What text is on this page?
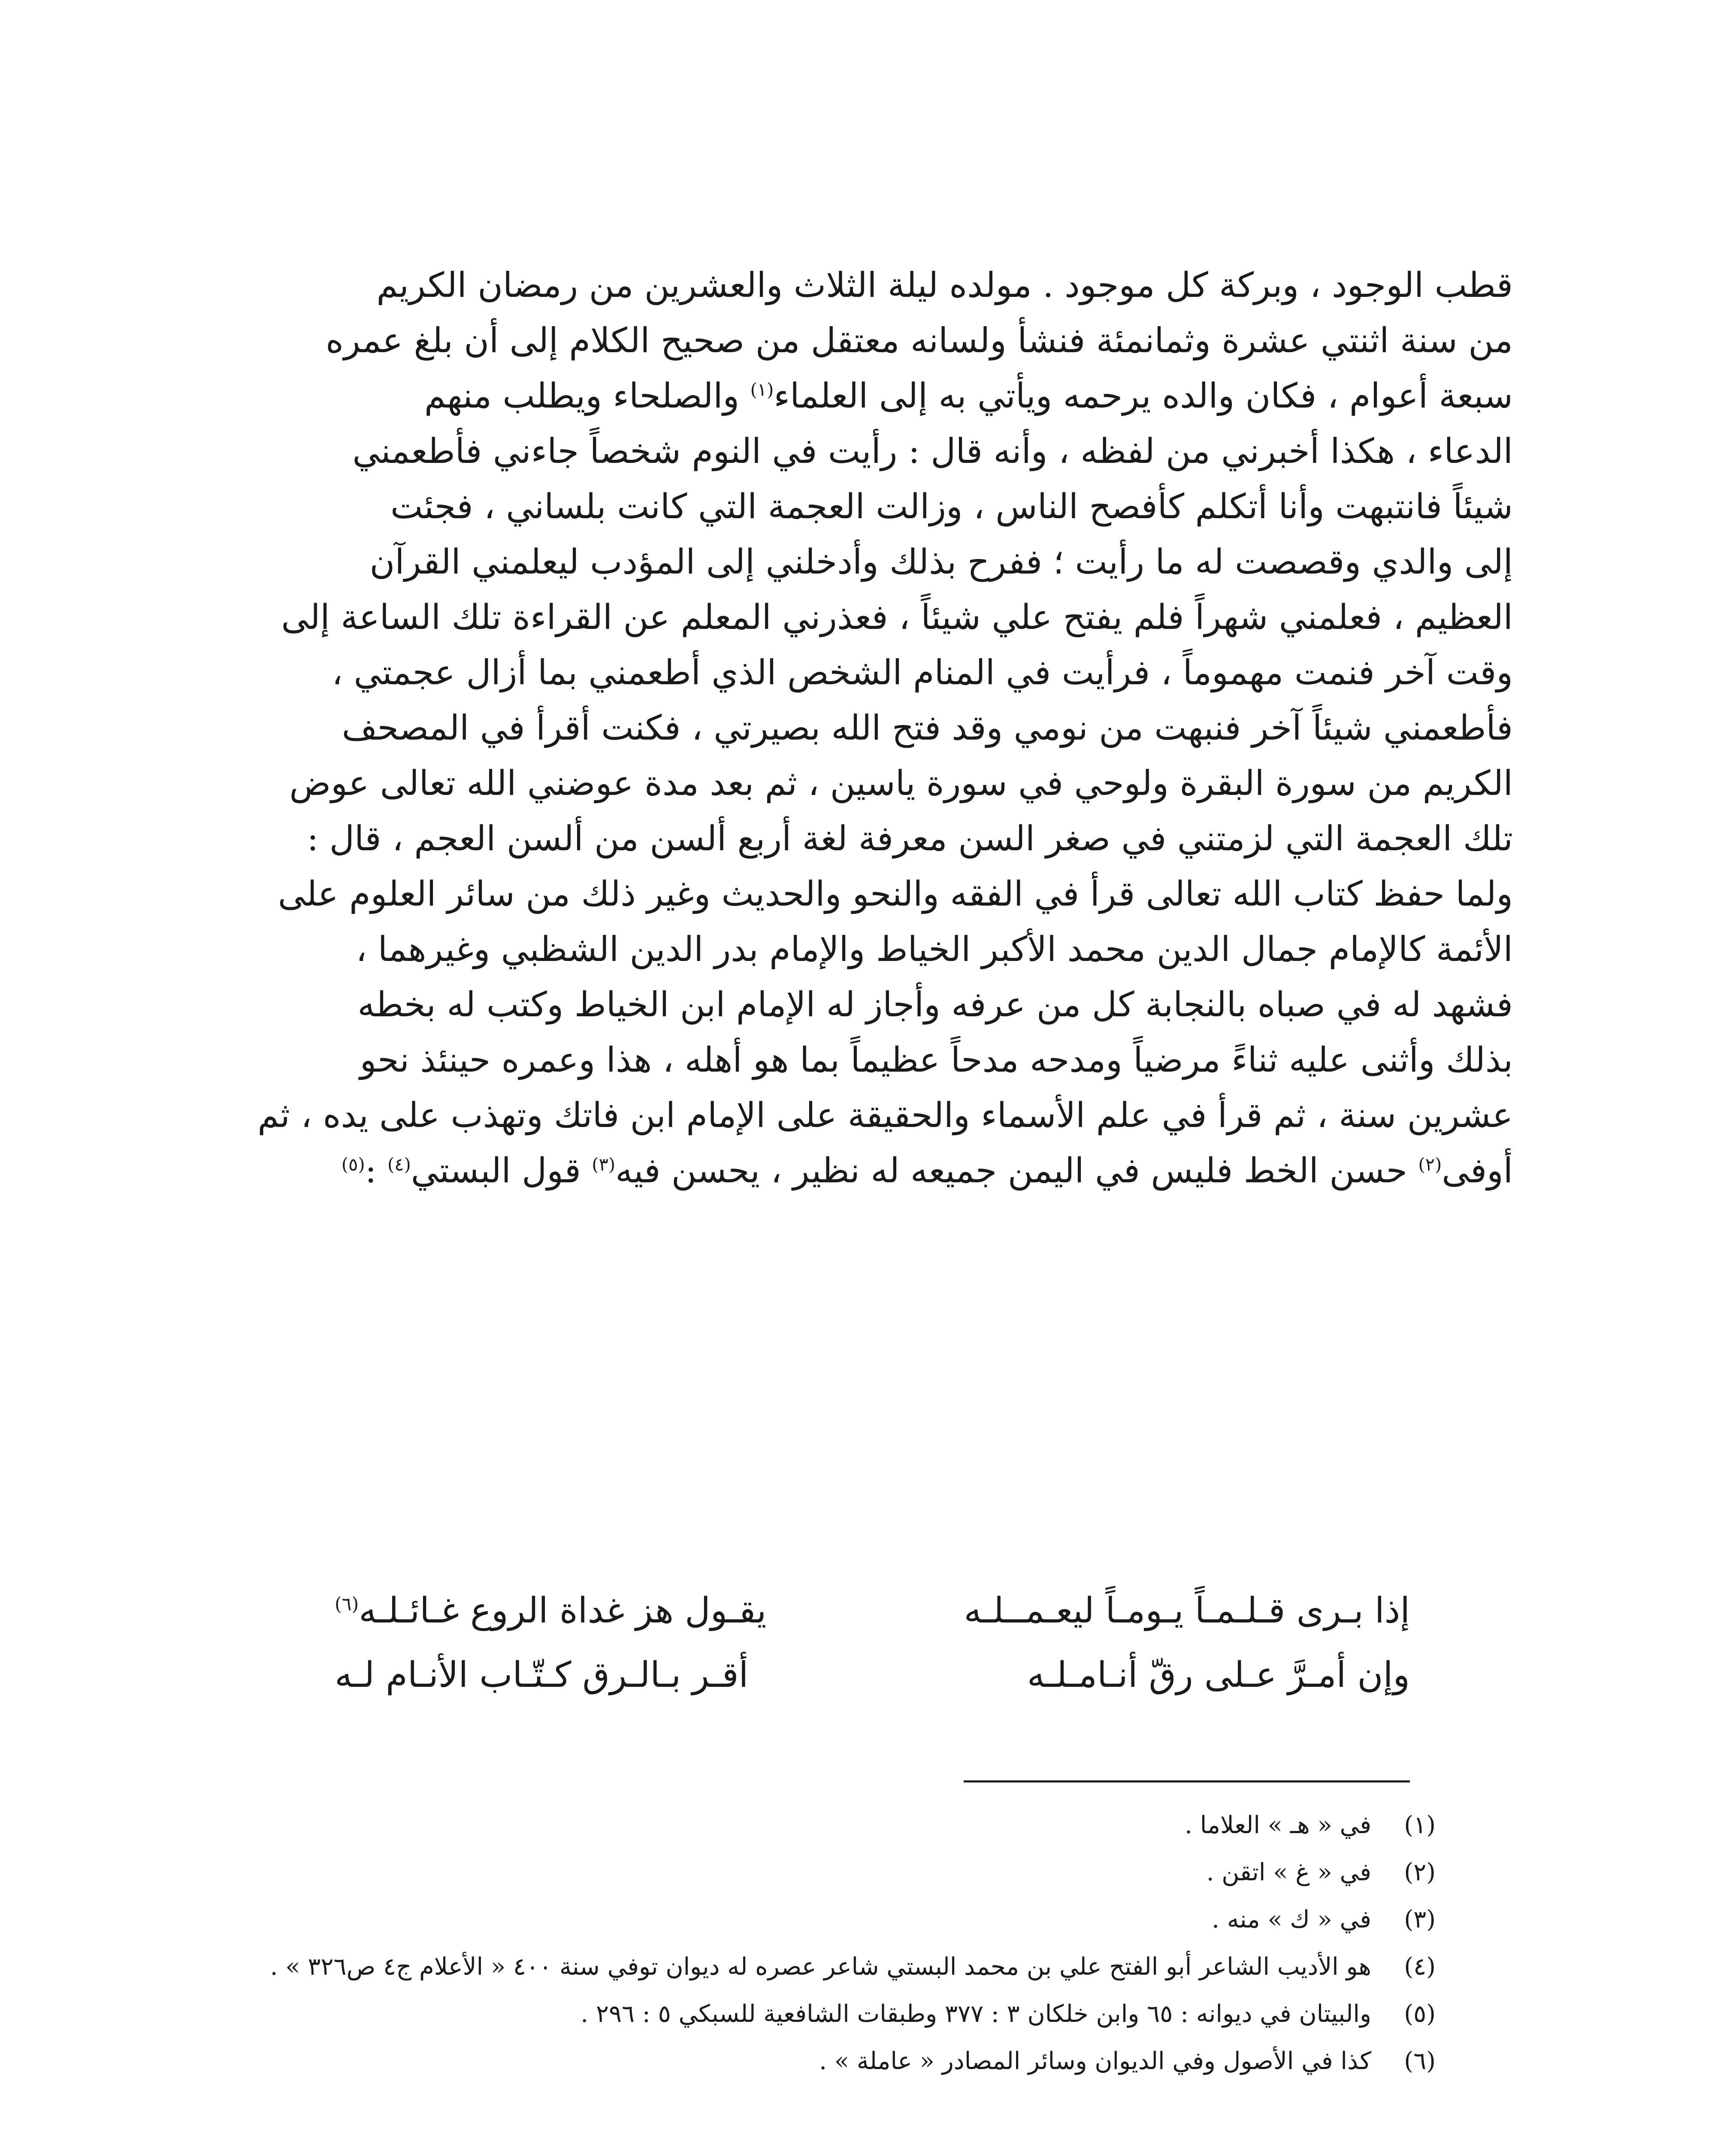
قطب الوجود ، وبركة كل موجود . مولده ليلة الثلاث والعشرين من رمضان الكريم
من سنة اثنتي عشرة وثمانمئة فنشأ ولسانه معتقل من صحيح الكلام إلى أن بلغ عمره
سبعة أعوام ، فكان والده يرحمه ويأتي به إلى العلماء$^{(١)}$ والصلحاء ويطلب منهم
الدعاء ، هكذا أخبرني من لفظه ، وأنه قال : رأيت في النوم شخصاً جاءني فأطعمني
شيئاً فانتبهت وأنا أتكلم كأفصح الناس ، وزالت العجمة التي كانت بلساني ، فجئت
إلى والدي وقصصت له ما رأيت ؛ ففرح بذلك وأدخلني إلى المؤدب ليعلمني القرآن
العظيم ، فعلمني شهراً فلم يفتح علي شيئاً ، فعذرني المعلم عن القراءة تلك الساعة إلى
وقت آخر فنمت مهموماً ، فرأيت في المنام الشخص الذي أطعمني بما أزال عجمتي ،
فأطعمني شيئاً آخر فنبهت من نومي وقد فتح الله بصيرتي ، فكنت أقرأ في المصحف
الكريم من سورة البقرة ولوحي في سورة ياسين ، ثم بعد مدة عوضني الله تعالى عوض
تلك العجمة التي لزمتني في صغر السن معرفة لغة أربع ألسن من ألسن العجم ، قال :
ولما حفظ كتاب الله تعالى قرأ في الفقه والنحو والحديث وغير ذلك من سائر العلوم على
الأئمة كالإمام جمال الدين محمد الأكبر الخياط والإمام بدر الدين الشظبي وغيرهما ،
فشهد له في صباه بالنجابة كل من عرفه وأجاز له الإمام ابن الخياط وكتب له بخطه
بذلك وأثنى عليه ثناءً مرضياً ومدحه مدحاً عظيماً بما هو أهله ، هذا وعمره حينئذ نحو
عشرين سنة ، ثم قرأ في علم الأسماء والحقيقة على الإمام ابن فاتك وتهذب على يده ، ثم
أوفى$^{(٢)}$ حسن الخط فليس في اليمن جميعه له نظير ، يحسن فيه$^{(٣)}$ قول البستي$^{(٤)}$ :$^{(٥)}$
إذا بـرى قـلـمـاً يـومـاً ليعـمــلـه
يقـول هز غداة الروع غـائـلـه$^{(٦)}$
وإن أمـرَّ عـلى رقّ أنـامـلـه
أقـر بـالـرق كـتّـاب الأنـام لـه
(١)
في « هـ » العلاما .
(٢)
في « غ » اتقن .
(٣)
في « ك » منه .
(٤)
هو الأديب الشاعر أبو الفتح علي بن محمد البستي شاعر عصره له ديوان توفي سنة ٤٠٠ « الأعلام ج٤ ص٣٢٦ » .
(٥)
والبيتان في ديوانه : ٦٥ وابن خلكان ٣ : ٣٧٧ وطبقات الشافعية للسبكي ٥ : ٢٩٦ .
(٦)
كذا في الأصول وفي الديوان وسائر المصادر « عاملة » .
